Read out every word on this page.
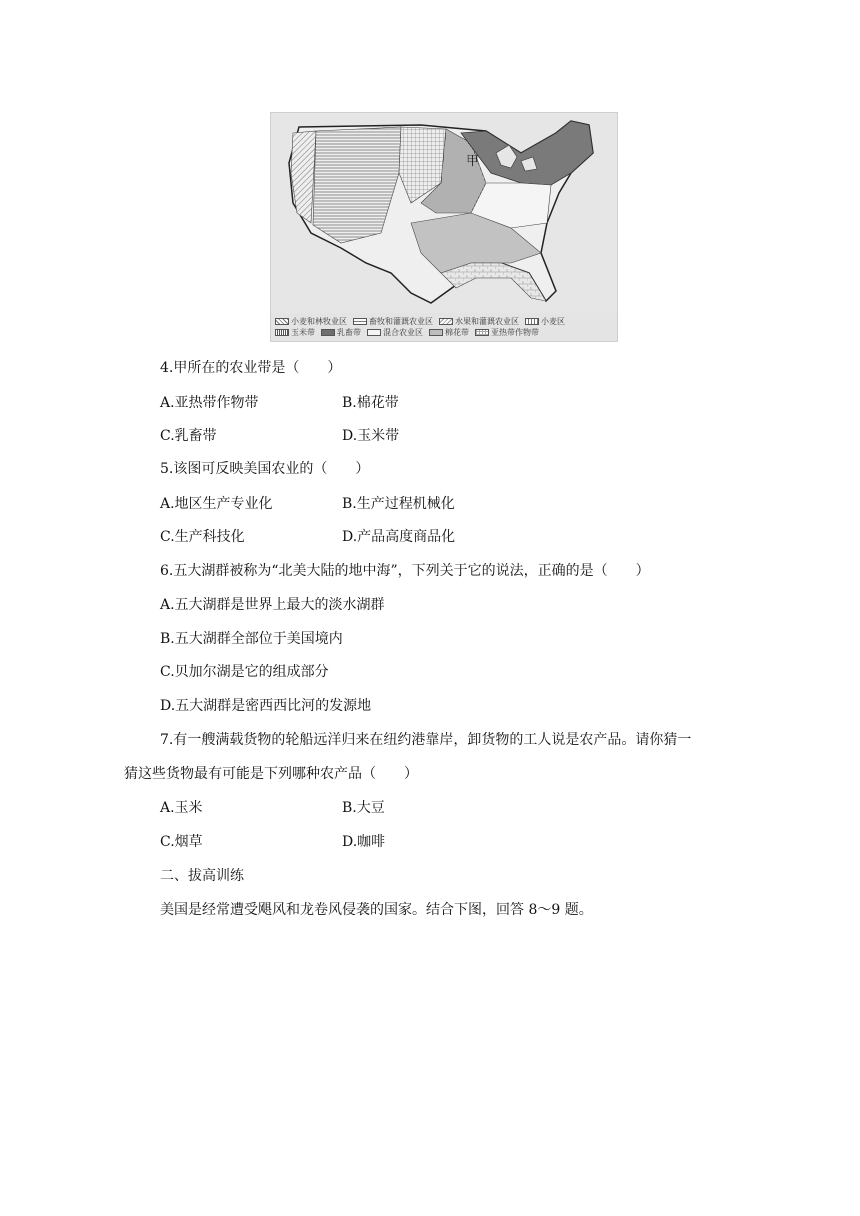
甲
小麦和林牧业区	畜牧和灌溉农业区	水果和灌溉农业区	小麦区
玉米带	乳畜带	混合农业区	棉花带	亚热带作物带

4.甲所在的农业带是（　　）

A.亚热带作物带	B.棉花带
C.乳畜带	D.玉米带

5.该图可反映美国农业的（　　）

A.地区生产专业化	B.生产过程机械化
C.生产科技化	D.产品高度商品化

6.五大湖群被称为“北美大陆的地中海”，下列关于它的说法，正确的是（　　）

A.五大湖群是世界上最大的淡水湖群
B.五大湖群全部位于美国境内
C.贝加尔湖是它的组成部分
D.五大湖群是密西西比河的发源地

7.有一艘满载货物的轮船远洋归来在纽约港靠岸，卸货物的工人说是农产品。请你猜一

猜这些货物最有可能是下列哪种农产品（　　）

A.玉米	B.大豆
C.烟草	D.咖啡

二、拔高训练

美国是经常遭受飓风和龙卷风侵袭的国家。结合下图，回答 8～9 题。
